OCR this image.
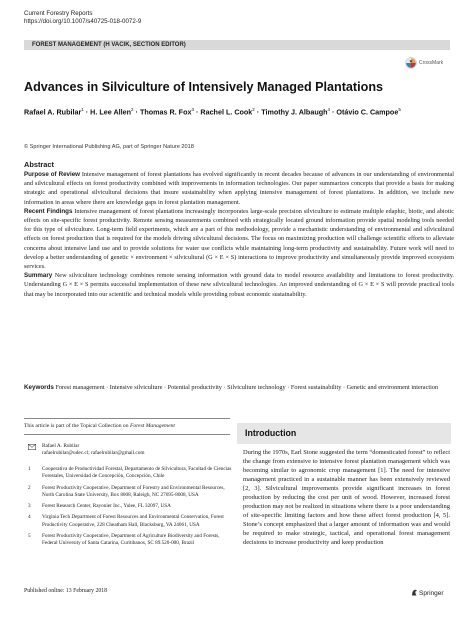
Current Forestry Reports
https://doi.org/10.1007/s40725-018-0072-9
FOREST MANAGEMENT (H VACIK, SECTION EDITOR)
CrossMark
Advances in Silviculture of Intensively Managed Plantations
Rafael A. Rubilar$^1$ · H. Lee Allen$^2$ · Thomas R. Fox$^3$ · Rachel L. Cook$^2$ · Timothy J. Albaugh$^4$ · Otávio C. Campoe$^5$
© Springer International Publishing AG, part of Springer Nature 2018
Abstract

Purpose of Review Intensive management of forest plantations has evolved significantly in recent decades because of advances in our understanding of environmental and silvicultural effects on forest productivity combined with improvements in information technologies. Our paper summarizes concepts that provide a basis for making strategic and operational silvicultural decisions that insure sustainability when applying intensive management of forest plantations. In addition, we include new information in areas where there are knowledge gaps in forest plantation management.

Recent Findings Intensive management of forest plantations increasingly incorporates large-scale precision silviculture to estimate multiple edaphic, biotic, and abiotic effects on site-specific forest productivity. Remote sensing measurements combined with strategically located ground information provide spatial modeling tools needed for this type of silviculture. Long-term field experiments, which are a part of this methodology, provide a mechanistic understanding of environmental and silvicultural effects on forest production that is required for the models driving silvicultural decisions. The focus on maximizing production will challenge scientific efforts to alleviate concerns about intensive land use and to provide solutions for water use conflicts while maintaining long-term productivity and sustainability. Future work will need to develop a better understanding of genetic × environment × silvicultural (G × E × S) interactions to improve productivity and simultaneously provide improved ecosystem services.

Summary New silviculture technology combines remote sensing information with ground data to model resource availability and limitations to forest productivity. Understanding G × E × S permits successful implementation of these new silvicultural technologies. An improved understanding of G × E × S will provide practical tools that may be incorporated into our scientific and technical models while providing robust economic sustainability.

Keywords Forest management · Intensive silviculture · Potential productivity · Silviculture technology · Forest sustainability · Genetic and environment interaction
This article is part of the Topical Collection on Forest Management
Rafael A. Rubilar
rafaelrubilar@udec.cl; rafaelrubilar@gmail.com
1 Cooperativa de Productividad Forestal, Departamento de Silvicultura, Facultad de Ciencias Forestales, Universidad de Concepción, Concepción, Chile
2 Forest Productivity Cooperative, Department of Forestry and Environmental Resources, North Carolina State University, Box 8008, Raleigh, NC 27695-8008, USA
3 Forest Research Center, Rayonier Inc., Yulee, FL 32097, USA
4 Virginia Tech Department of Forest Resources and Environmental Conservation, Forest Productivity Cooperative, 228 Cheatham Hall, Blacksburg, VA 24061, USA
5 Forest Productivity Cooperative, Department of Agriculture Biodiversity and Forests, Federal University of Santa Catarina, Curitibanos, SC 89.520-000, Brazil
Published online: 13 February 2018
Introduction

During the 1970s, Earl Stone suggested the term “domesticated forest” to reflect the change from extensive to intensive forest plantation management which was becoming similar to agronomic crop management [1]. The need for intensive management practiced in a sustainable manner has been extensively reviewed [2, 3]. Silvicultural improvements provide significant increases in forest production by reducing the cost per unit of wood. However, increased forest production may not be realized in situations where there is a poor understanding of site-specific limiting factors and how these affect forest production [4, 5]. Stone’s concept emphasized that a larger amount of information was and would be required to make strategic, tactical, and operational forest management decisions to increase productivity and keep production

Springer
